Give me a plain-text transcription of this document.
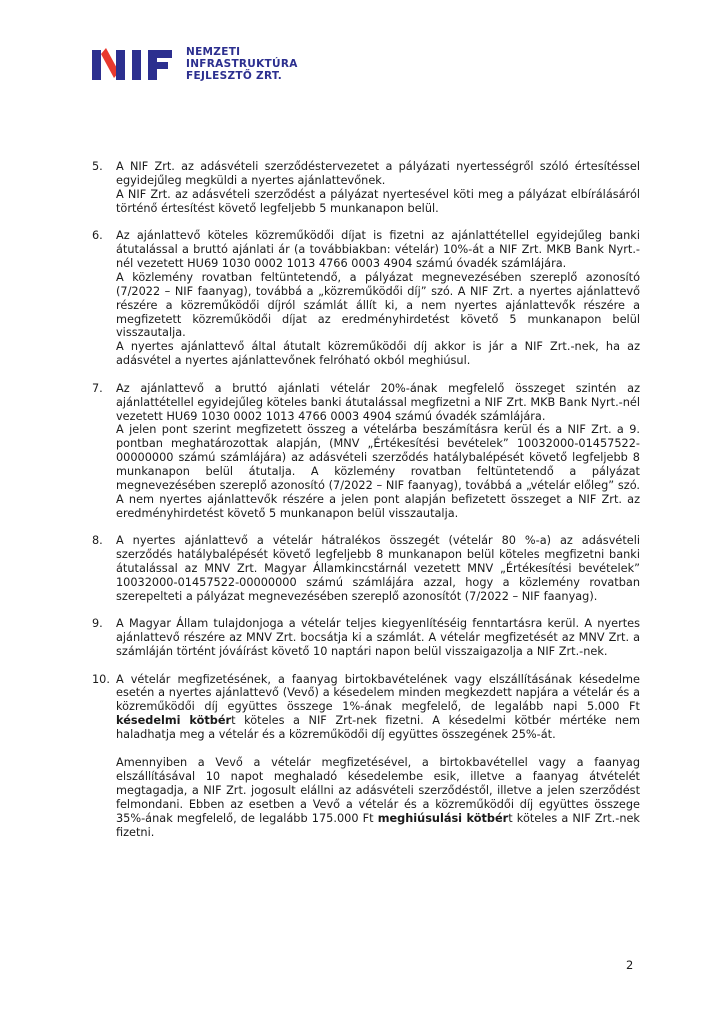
NEMZETI
INFRASTRUKTÚRA
FEJLESZTŐ ZRT.
5.	A NIF Zrt. az adásvételi szerződéstervezetet a pályázati nyertességről szóló értesítéssel egyidejűleg megküldi a nyertes ajánlattevőnek.

A NIF Zrt. az adásvételi szerződést a pályázat nyertesével köti meg a pályázat elbírálásáról történő értesítést követő legfeljebb 5 munkanapon belül.

6.	Az ajánlattevő köteles közreműködői díjat is fizetni az ajánlattétellel egyidejűleg banki átutalással a bruttó ajánlati ár (a továbbiakban: vételár) 10%-át a NIF Zrt. MKB Bank Nyrt.-nél vezetett HU69 1030 0002 1013 4766 0003 4904 számú óvadék számlájára.

A közlemény rovatban feltüntetendő, a pályázat megnevezésében szereplő azonosító (7/2022 – NIF faanyag), továbbá a „közreműködői díj” szó. A NIF Zrt. a nyertes ajánlattevő részére a közreműködői díjról számlát állít ki, a nem nyertes ajánlattevők részére a megfizetett közreműködői díjat az eredményhirdetést követő 5 munkanapon belül visszautalja.

A nyertes ajánlattevő által átutalt közreműködői díj akkor is jár a NIF Zrt.-nek, ha az adásvétel a nyertes ajánlattevőnek felróható okból meghiúsul.

7.	Az ajánlattevő a bruttó ajánlati vételár 20%-ának megfelelő összeget szintén az ajánlattétellel egyidejűleg köteles banki átutalással megfizetni a NIF Zrt. MKB Bank Nyrt.-nél vezetett HU69 1030 0002 1013 4766 0003 4904 számú óvadék számlájára.

A jelen pont szerint megfizetett összeg a vételárba beszámításra kerül és a NIF Zrt. a 9. pontban meghatározottak alapján, (MNV „Értékesítési bevételek” 10032000-01457522-00000000 számú számlájára) az adásvételi szerződés hatálybalépését követő legfeljebb 8 munkanapon belül átutalja. A közlemény rovatban feltüntetendő a pályázat megnevezésében szereplő azonosító (7/2022 – NIF faanyag), továbbá a „vételár előleg” szó. A nem nyertes ajánlattevők részére a jelen pont alapján befizetett összeget a NIF Zrt. az eredményhirdetést követő 5 munkanapon belül visszautalja.

8.	A nyertes ajánlattevő a vételár hátralékos összegét (vételár 80 %-a) az adásvételi szerződés hatálybalépését követő legfeljebb 8 munkanapon belül köteles megfizetni banki átutalással az MNV Zrt. Magyar Államkincstárnál vezetett MNV „Értékesítési bevételek” 10032000-01457522-00000000 számú számlájára azzal, hogy a közlemény rovatban szerepelteti a pályázat megnevezésében szereplő azonosítót (7/2022 – NIF faanyag).

9.	A Magyar Állam tulajdonjoga a vételár teljes kiegyenlítéséig fenntartásra kerül. A nyertes ajánlattevő részére az MNV Zrt. bocsátja ki a számlát. A vételár megfizetését az MNV Zrt. a számláján történt jóváírást követő 10 naptári napon belül visszaigazolja a NIF Zrt.-nek.

10. A vételár megfizetésének, a faanyag birtokbavételének vagy elszállításának késedelme esetén a nyertes ajánlattevő (Vevő) a késedelem minden megkezdett napjára a vételár és a közreműködői díj együttes összege 1%-ának megfelelő, de legalább napi 5.000 Ft késedelmi kötbért köteles a NIF Zrt-nek fizetni. A késedelmi kötbér mértéke nem haladhatja meg a vételár és a közreműködői díj együttes összegének 25%-át.

Amennyiben a Vevő a vételár megfizetésével, a birtokbavétellel vagy a faanyag elszállításával 10 napot meghaladó késedelembe esik, illetve a faanyag átvételét megtagadja, a NIF Zrt. jogosult elállni az adásvételi szerződéstől, illetve a jelen szerződést felmondani. Ebben az esetben a Vevő a vételár és a közreműködői díj együttes összege 35%-ának megfelelő, de legalább 175.000 Ft meghiúsulási kötbért köteles a NIF Zrt.-nek fizetni.

2
